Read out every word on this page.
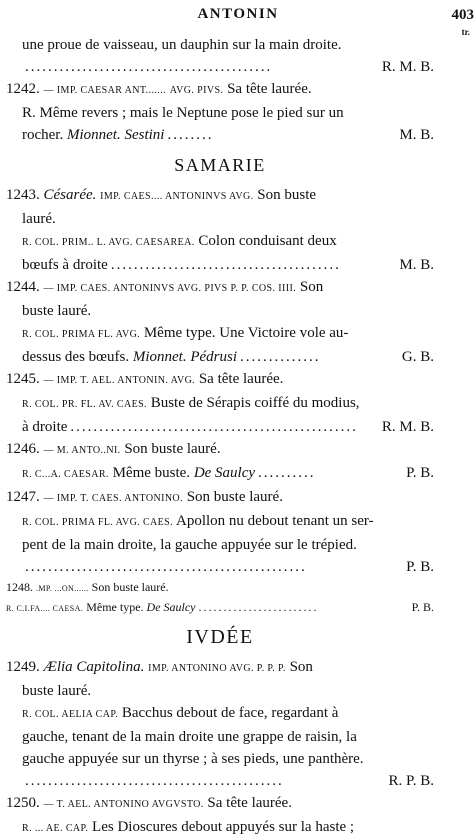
ANTONIN	403
tr.
une proue de vaisseau, un dauphin sur la main droite.
...........................................	R. M. B.
1242. — IMP. CAESAR ANT....... AVG. PIVS. Sa tête laurée.
R. Même revers ; mais le Neptune pose le pied sur un
rocher. Mionnet. Sestini ........	M. B.
SAMARIE
1243. Césarée. IMP. CAES.... ANTONINVS AVG. Son buste
lauré.
R. COL. PRIM.. L. AVG. CAESAREA. Colon conduisant deux
bœufs à droite ........................................	M. B.
1244. — IMP. CAES. ANTONINVS AVG. PIVS P. P. COS. IIII. Son
buste lauré.
R. COL. PRIMA FL. AVG. Même type. Une Victoire vole au-
dessus des bœufs. Mionnet. Pédrusi ..............	G. B.
1245. — IMP. T. AEL. ANTONIN. AVG. Sa tête laurée.
R. COL. PR. FL. AV. CAES. Buste de Sérapis coiffé du modius,
à droite ..................................................	R. M. B.
1246. — M. ANTO..NI. Son buste lauré.
R. C...A. CAESAR. Même buste. De Saulcy ..........	P. B.
1247. — IMP. T. CAES. ANTONINO. Son buste lauré.
R. COL. PRIMA FL. AVG. CAES. Apollon nu debout tenant un ser-
pent de la main droite, la gauche appuyée sur le trépied.
.................................................	P. B.
1248. .MP. ...ON...... Son buste lauré.
R. C.I.FA.... CAESA. Même type. De Saulcy ........................	P. B.
IVDÉE
1249. Ælia Capitolina. IMP. ANTONINO AVG. P. P. P. Son
buste lauré.
R. COL. AELIA CAP. Bacchus debout de face, regardant à
gauche, tenant de la main droite une grappe de raisin, la
gauche appuyée sur un thyrse ; à ses pieds, une panthère.
.............................................	R. P. B.
1250. — T. AEL. ANTONINO AVGVSTO. Sa tête laurée.
R. ... AE. CAP. Les Dioscures debout appuyés sur la haste ;
